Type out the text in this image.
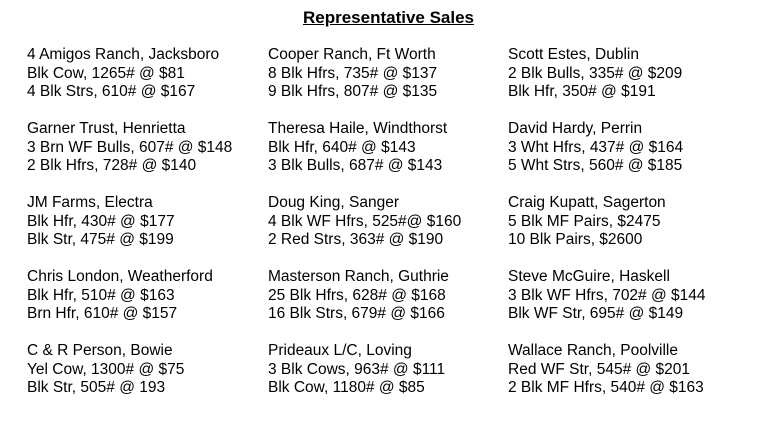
Representative Sales
4 Amigos Ranch, Jacksboro
Blk Cow, 1265# @ $81
4 Blk Strs, 610# @ $167
Garner Trust, Henrietta
3 Brn WF Bulls, 607# @ $148
2 Blk Hfrs, 728# @ $140
JM Farms, Electra
Blk Hfr, 430# @ $177
Blk Str, 475# @ $199
Chris London, Weatherford
Blk Hfr, 510# @ $163
Brn Hfr, 610# @ $157
C & R Person, Bowie
Yel Cow, 1300# @ $75
Blk Str, 505# @ 193
Cooper Ranch, Ft Worth
8 Blk Hfrs, 735# @ $137
9 Blk Hfrs, 807# @ $135
Theresa Haile, Windthorst
Blk Hfr, 640# @ $143
3 Blk Bulls, 687# @ $143
Doug King, Sanger
4 Blk WF Hfrs, 525#@ $160
2 Red Strs, 363# @ $190
Masterson Ranch, Guthrie
25 Blk Hfrs, 628# @ $168
16 Blk Strs, 679# @ $166
Prideaux L/C, Loving
3 Blk Cows, 963# @ $111
Blk Cow, 1180# @ $85
Scott Estes, Dublin
2 Blk Bulls, 335# @ $209
Blk Hfr, 350# @ $191
David Hardy, Perrin
3 Wht Hfrs, 437# @ $164
5 Wht Strs, 560# @ $185
Craig Kupatt, Sagerton
5 Blk MF Pairs, $2475
10 Blk Pairs, $2600
Steve McGuire, Haskell
3 Blk WF Hfrs, 702# @ $144
Blk WF Str, 695# @ $149
Wallace Ranch, Poolville
Red WF Str, 545# @ $201
2 Blk MF Hfrs, 540# @ $163
